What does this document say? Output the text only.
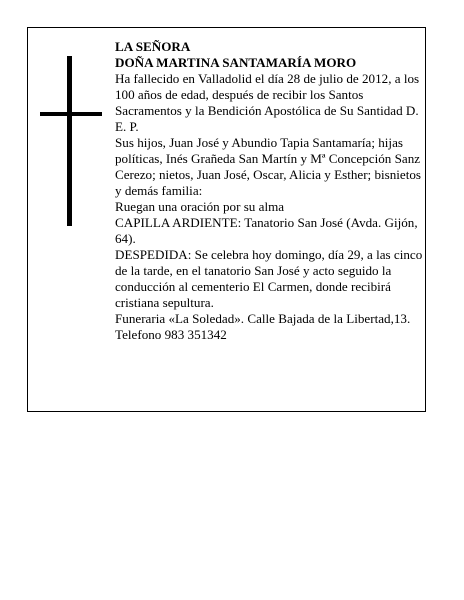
LA SEÑORA

DOÑA MARTINA SANTAMARÍA MORO

Ha fallecido en Valladolid el día 28 de julio de 2012, a los 100 años de edad, después de recibir los Santos Sacramentos y la Bendición Apostólica de Su Santidad D. E. P.

Sus hijos, Juan José y Abundio Tapia Santamaría; hijas políticas, Inés Grañeda San Martín y Mª Concepción Sanz Cerezo; nietos, Juan José, Oscar, Alicia y Esther; bisnietos y demás familia:

Ruegan una oración por su alma

CAPILLA ARDIENTE: Tanatorio San José (Avda. Gijón, 64).

DESPEDIDA: Se celebra hoy domingo, día 29, a las cinco de la tarde, en el tanatorio San José y acto seguido la conducción al cementerio El Carmen, donde recibirá cristiana sepultura.

Funeraria «La Soledad». Calle Bajada de la Libertad,13.

Telefono 983 351342
